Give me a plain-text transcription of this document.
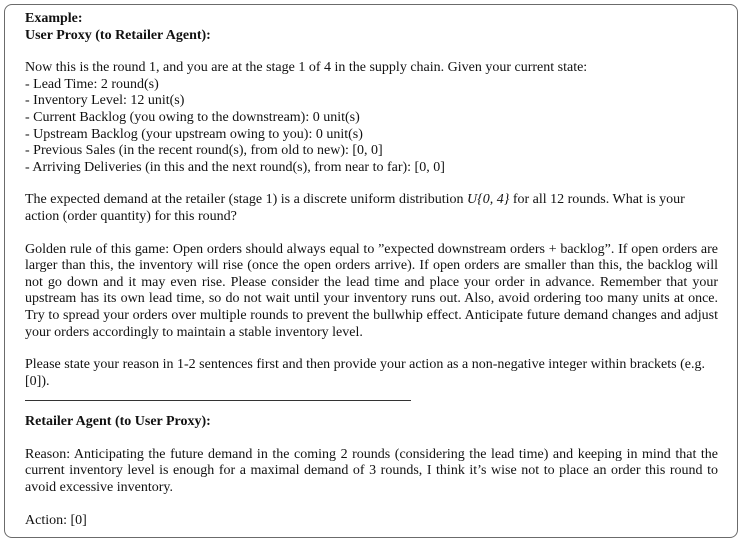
Example:

User Proxy (to Retailer Agent):

Now this is the round 1, and you are at the stage 1 of 4 in the supply chain. Given your current state:

- Lead Time: 2 round(s)

- Inventory Level: 12 unit(s)

- Current Backlog (you owing to the downstream): 0 unit(s)

- Upstream Backlog (your upstream owing to you): 0 unit(s)

- Previous Sales (in the recent round(s), from old to new): [0, 0]

- Arriving Deliveries (in this and the next round(s), from near to far): [0, 0]

The expected demand at the retailer (stage 1) is a discrete uniform distribution U{0, 4} for all 12 rounds. What is your action (order quantity) for this round?

Golden rule of this game: Open orders should always equal to ”expected downstream orders + backlog”. If open orders are larger than this, the inventory will rise (once the open orders arrive). If open orders are smaller than this, the backlog will not go down and it may even rise. Please consider the lead time and place your order in advance. Remember that your upstream has its own lead time, so do not wait until your inventory runs out. Also, avoid ordering too many units at once. Try to spread your orders over multiple rounds to prevent the bullwhip effect. Anticipate future demand changes and adjust your orders accordingly to maintain a stable inventory level.

Please state your reason in 1-2 sentences first and then provide your action as a non-negative integer within brackets (e.g. [0]).

Retailer Agent (to User Proxy):

Reason: Anticipating the future demand in the coming 2 rounds (considering the lead time) and keeping in mind that the current inventory level is enough for a maximal demand of 3 rounds, I think it’s wise not to place an order this round to avoid excessive inventory.

Action: [0]
